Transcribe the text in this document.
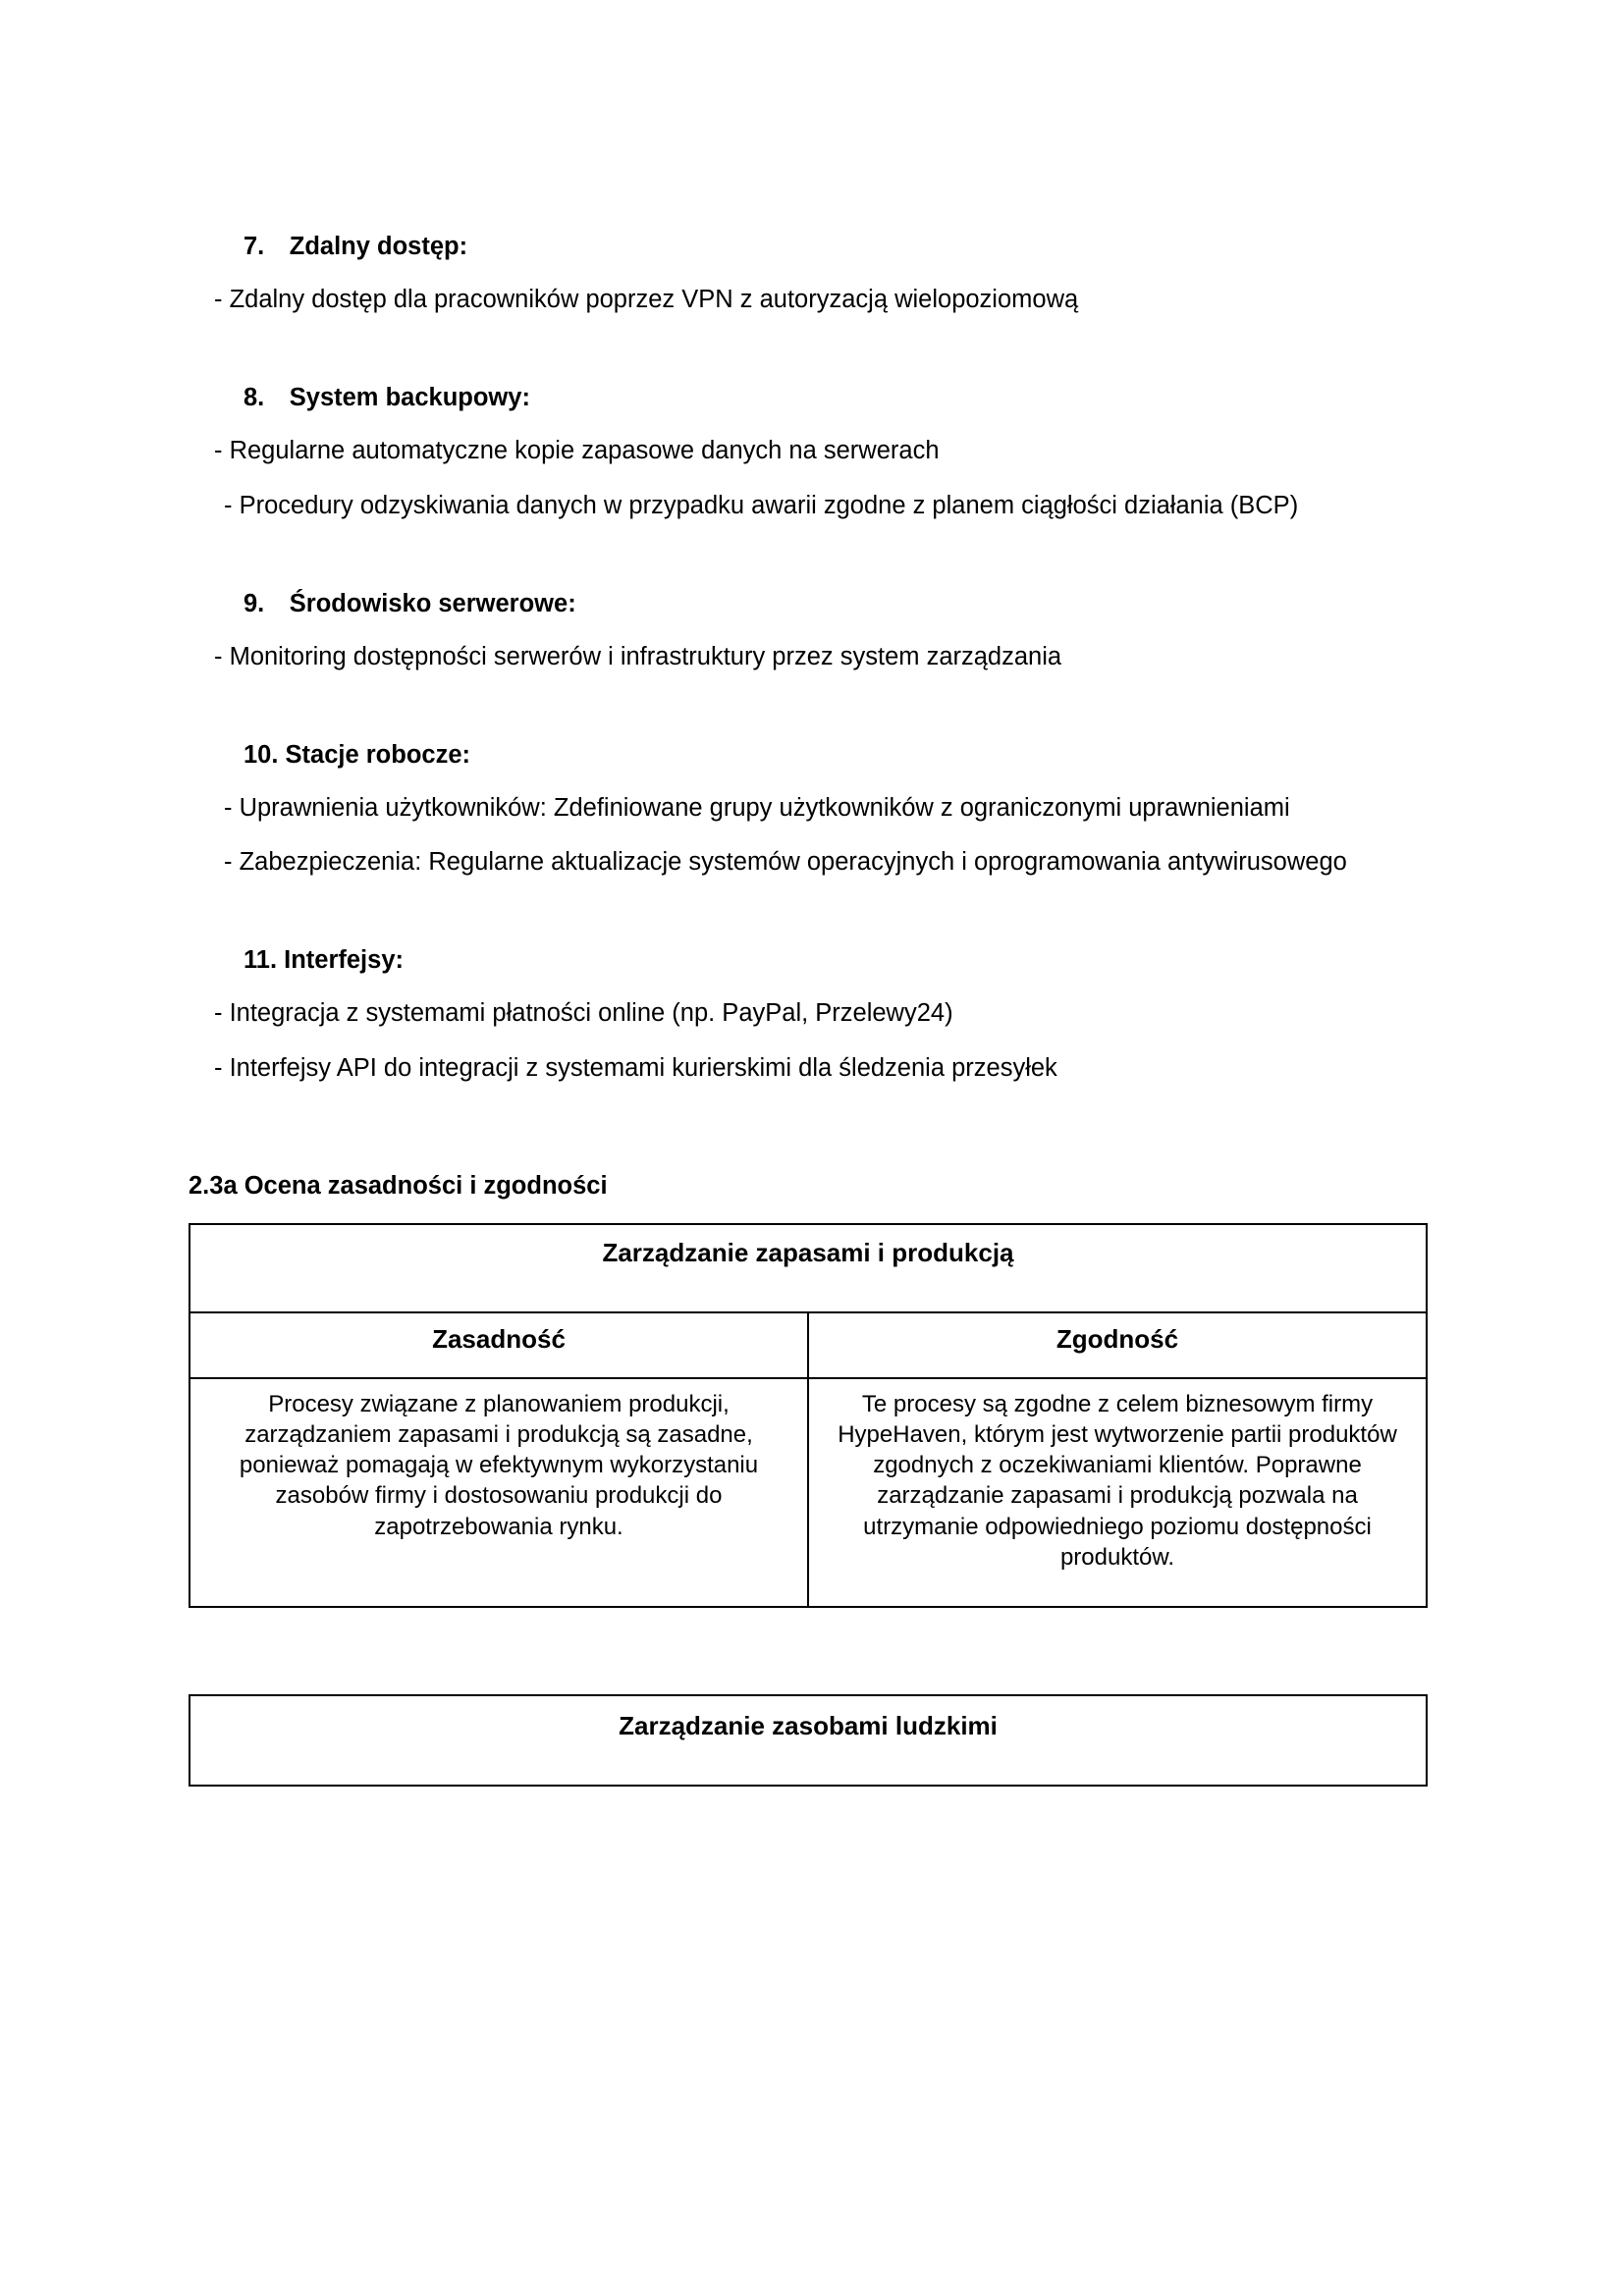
7. Zdalny dostęp:

- Zdalny dostęp dla pracowników poprzez VPN z autoryzacją wielopoziomową

8. System backupowy:

- Regularne automatyczne kopie zapasowe danych na serwerach

- Procedury odzyskiwania danych w przypadku awarii zgodne z planem ciągłości działania (BCP)

9. Środowisko serwerowe:

- Monitoring dostępności serwerów i infrastruktury przez system zarządzania

10. Stacje robocze:

- Uprawnienia użytkowników: Zdefiniowane grupy użytkowników z ograniczonymi uprawnieniami

- Zabezpieczenia: Regularne aktualizacje systemów operacyjnych i oprogramowania antywirusowego

11. Interfejsy:

- Integracja z systemami płatności online (np. PayPal, Przelewy24)

- Interfejsy API do integracji z systemami kurierskimi dla śledzenia przesyłek

2.3a Ocena zasadności i zgodności

Zarządzanie zapasami i produkcją	
Zasadność	Zgodność
Procesy związane z planowaniem produkcji, zarządzaniem zapasami i produkcją są zasadne, ponieważ pomagają w efektywnym wykorzystaniu zasobów firmy i dostosowaniu produkcji do zapotrzebowania rynku.	Te procesy są zgodne z celem biznesowym firmy HypeHaven, którym jest wytworzenie partii produktów zgodnych z oczekiwaniami klientów. Poprawne zarządzanie zapasami i produkcją pozwala na utrzymanie odpowiedniego poziomu dostępności produktów.
Zarządzanie zasobami ludzkimi
